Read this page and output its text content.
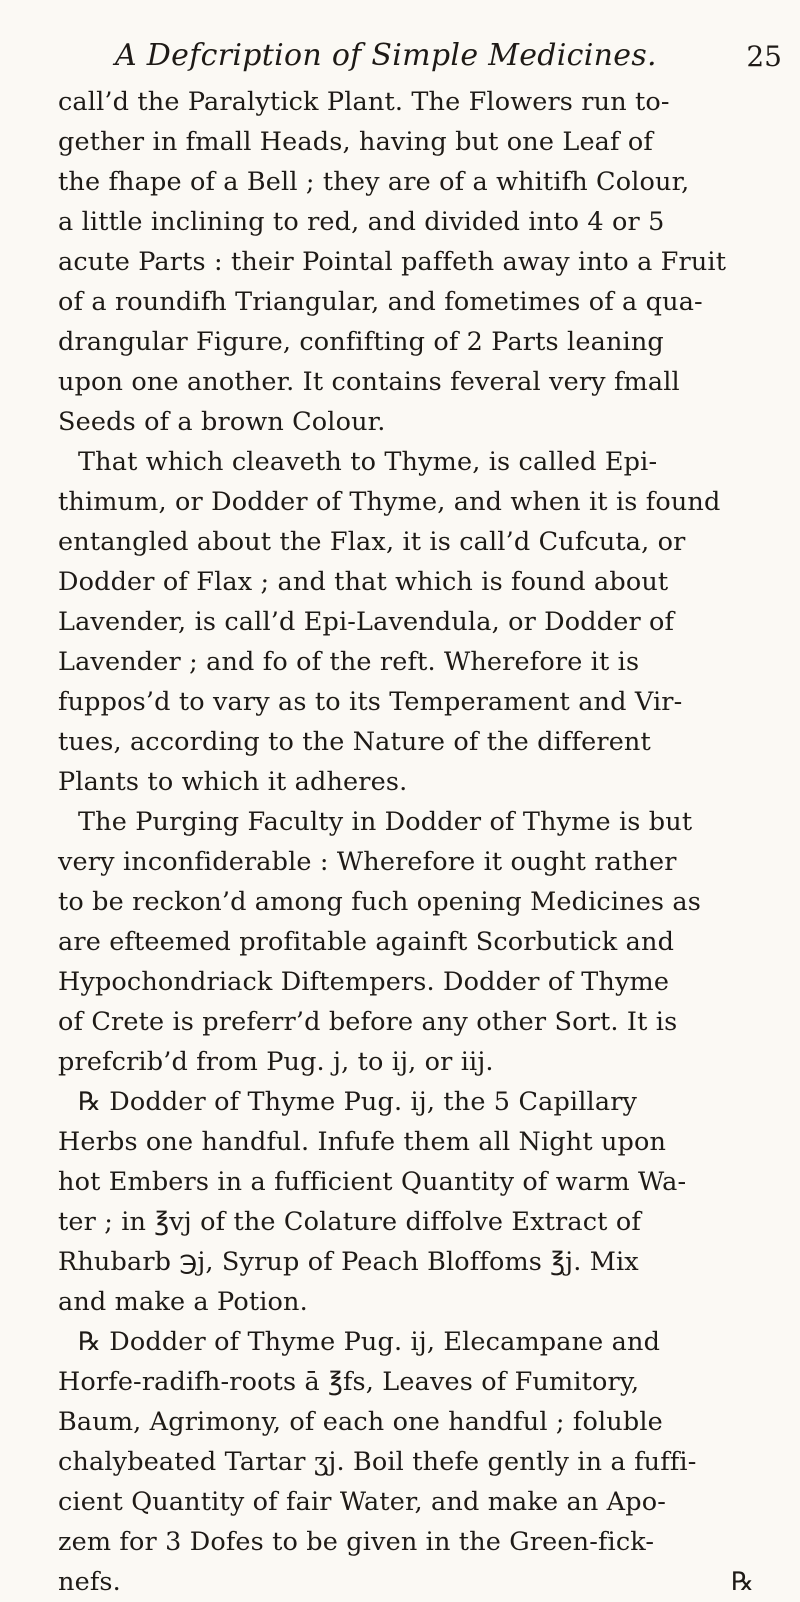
A Defcription of Simple Medicines.	25
call’d the Paralytick Plant. The Flowers run to-
gether in fmall Heads, having but one Leaf of
the fhape of a Bell ; they are of a whitifh Colour,
a little inclining to red, and divided into 4 or 5
acute Parts : their Pointal paffeth away into a Fruit
of a roundifh Triangular, and fometimes of a qua-
drangular Figure, confifting of 2 Parts leaning
upon one another. It contains feveral very fmall
Seeds of a brown Colour.
That which cleaveth to Thyme, is called Epi-
thimum, or Dodder of Thyme, and when it is found
entangled about the Flax, it is call’d Cufcuta, or
Dodder of Flax ; and that which is found about
Lavender, is call’d Epi-Lavendula, or Dodder of
Lavender ; and fo of the reft. Wherefore it is
fuppos’d to vary as to its Temperament and Vir-
tues, according to the Nature of the different
Plants to which it adheres.
The Purging Faculty in Dodder of Thyme is but
very inconfiderable : Wherefore it ought rather
to be reckon’d among fuch opening Medicines as
are efteemed profitable againft Scorbutick and
Hypochondriack Diftempers. Dodder of Thyme
of Crete is preferr’d before any other Sort. It is
prefcrib’d from Pug. j, to ij, or iij.
℞ Dodder of Thyme Pug. ij, the 5 Capillary
Herbs one handful. Infufe them all Night upon
hot Embers in a fufficient Quantity of warm Wa-
ter ; in ℥vj of the Colature diffolve Extract of
Rhubarb ℈j, Syrup of Peach Bloffoms ℥j. Mix
and make a Potion.
℞ Dodder of Thyme Pug. ij, Elecampane and
Horfe-radifh-roots ā ℥fs, Leaves of Fumitory,
Baum, Agrimony, of each one handful ; foluble
chalybeated Tartar ʒj. Boil thefe gently in a fuffi-
cient Quantity of fair Water, and make an Apo-
zem for 3 Dofes to be given in the Green-fick-
nefs.	℞
